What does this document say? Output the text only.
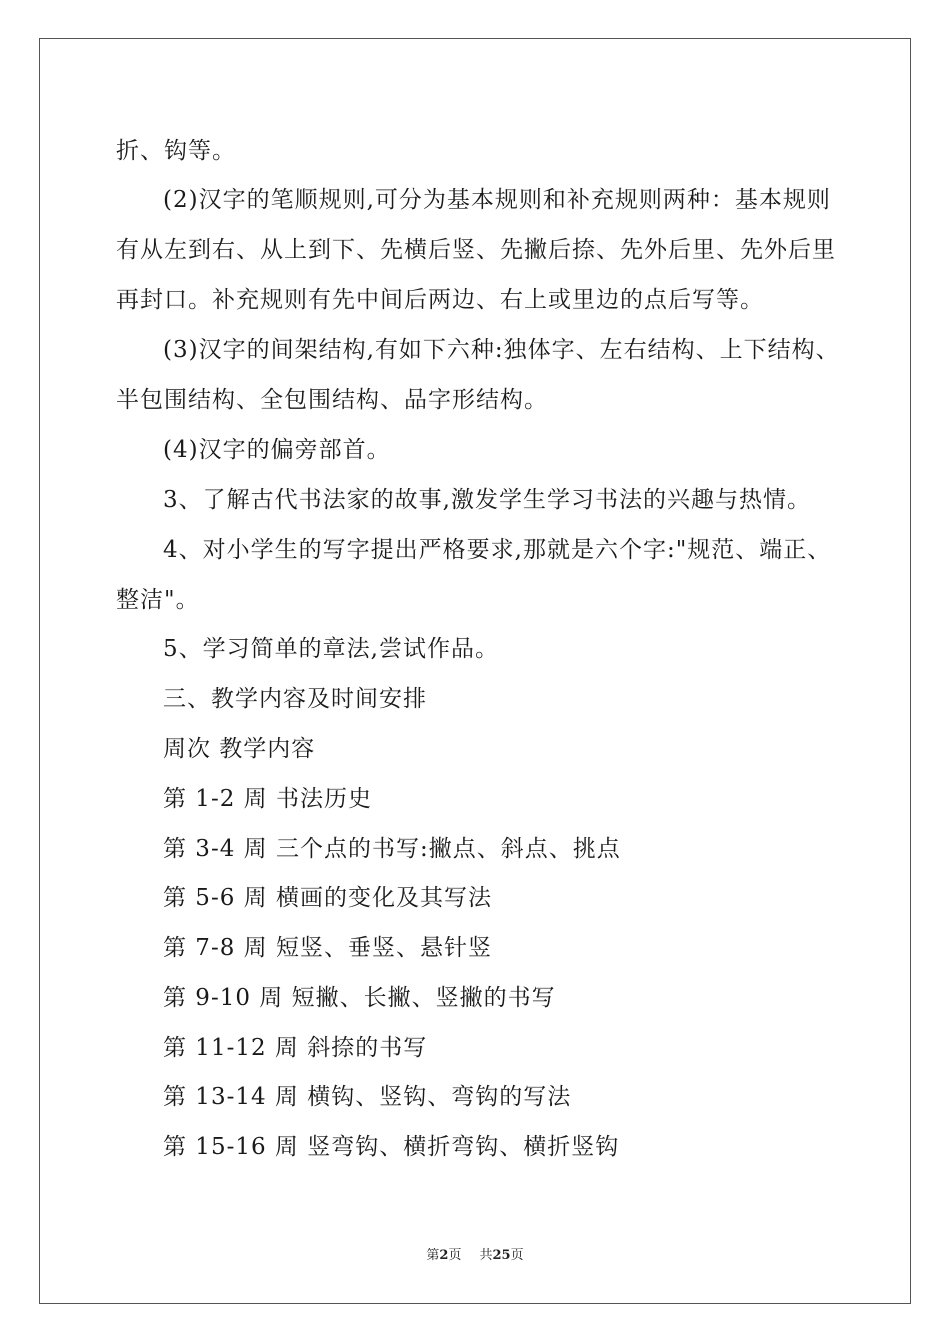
折、钩等。
(2)汉字的笔顺规则,可分为基本规则和补充规则两种：基本规则
有从左到右、从上到下、先横后竖、先撇后捺、先外后里、先外后里
再封口。补充规则有先中间后两边、右上或里边的点后写等。
(3)汉字的间架结构,有如下六种:独体字、左右结构、上下结构、
半包围结构、全包围结构、品字形结构。
(4)汉字的偏旁部首。
3、了解古代书法家的故事,激发学生学习书法的兴趣与热情。
4、对小学生的写字提出严格要求,那就是六个字:"规范、端正、
整洁"。
5、学习简单的章法,尝试作品。
三、教学内容及时间安排
周次 教学内容
第 1-2 周 书法历史
第 3-4 周 三个点的书写:撇点、斜点、挑点
第 5-6 周 横画的变化及其写法
第 7-8 周 短竖、垂竖、悬针竖
第 9-10 周 短撇、长撇、竖撇的书写
第 11-12 周 斜捺的书写
第 13-14 周 横钩、竖钩、弯钩的写法
第 15-16 周 竖弯钩、横折弯钩、横折竖钩
第2页 共25页
